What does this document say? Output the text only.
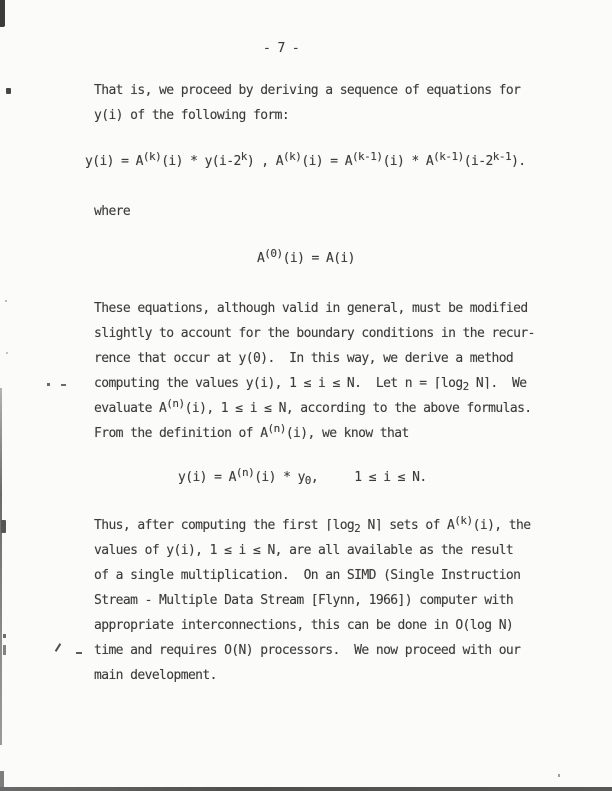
- 7 -
That is, we proceed by deriving a sequence of equations for
y(i) of the following form:
$y(i) = A^{(k)}(i) * y(i-2^k)$ , $A^{(k)}(i) = A^{(k-1)}(i) * A^{(k-1)}(i-2^{k-1})$.
where
$A^{(0)}(i) = A(i)$
These equations, although valid in general, must be modified
slightly to account for the boundary conditions in the recur-
rence that occur at y(0).  In this way, we derive a method
computing the values y(i), 1 ≤ i ≤ N.  Let $n = ⌈\log_2$ N⌉.  We
evaluate $A^{(n)}(i)$, 1 ≤ i ≤ N, according to the above formulas.
From the definition of $A^{(n)}(i)$, we know that
$y(i) = A^{(n)}(i) * y_0$,     1 ≤ i ≤ N.
Thus, after computing the first $⌈\log_2$ N⌉ sets of $A^{(k)}(i)$, the
values of y(i), 1 ≤ i ≤ N, are all available as the result
of a single multiplication.  On an SIMD (Single Instruction
Stream - Multiple Data Stream [Flynn, 1966]) computer with
appropriate interconnections, this can be done in O(log N)
time and requires O(N) processors.  We now proceed with our
main development.
